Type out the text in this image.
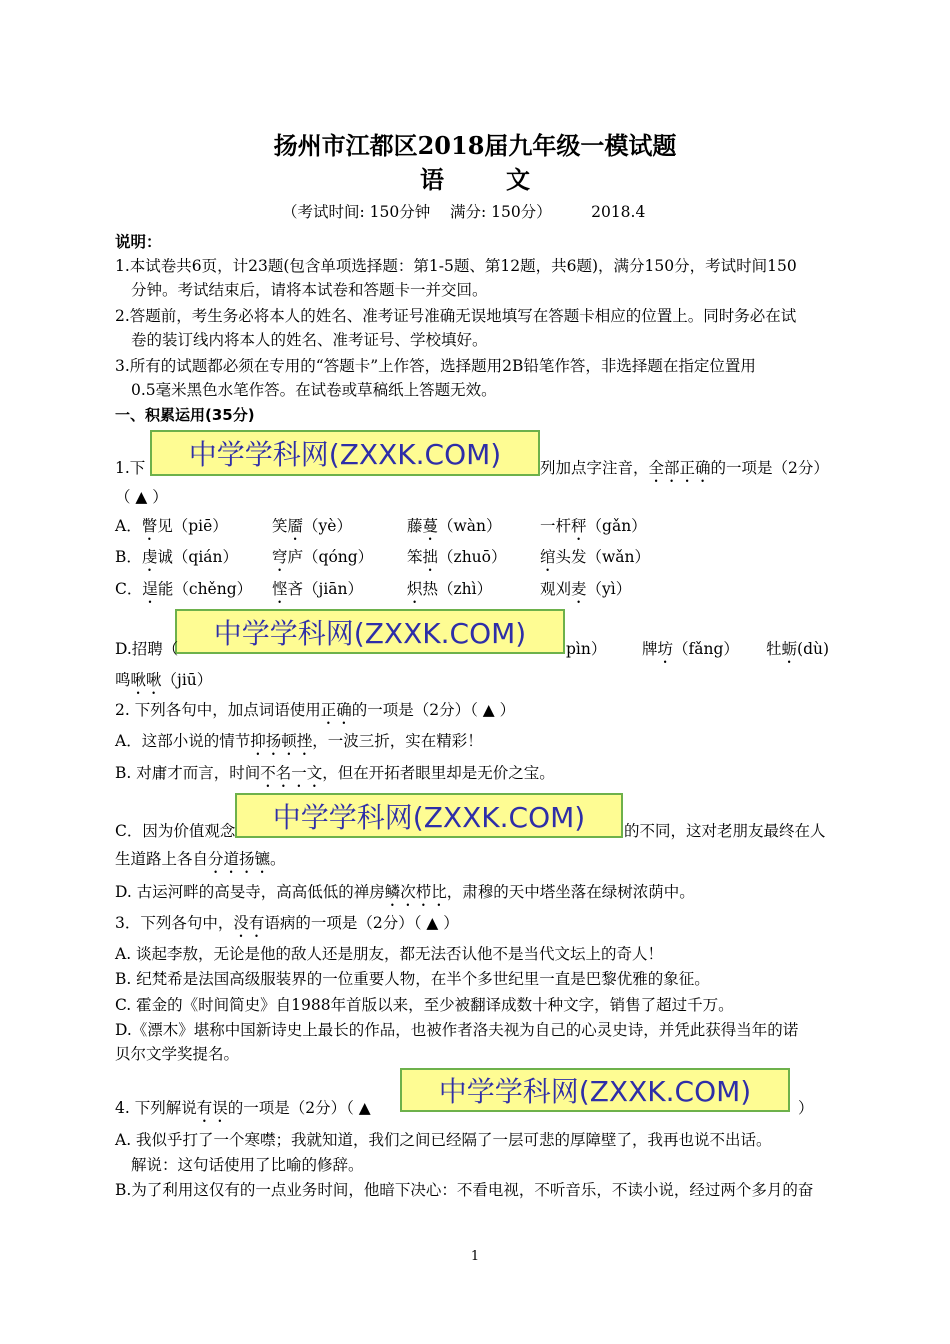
扬州市江都区2018届九年级一模试题
语文
（考试时间: 150分钟    满分: 150分）        2018.4
说明：
1.本试卷共6页，计23题(包含单项选择题：第1-5题、第12题，共6题)，满分150分，考试时间150
分钟。考试结束后，请将本试卷和答题卡一并交回。
2.答题前，考生务必将本人的姓名、准考证号准确无误地填写在答题卡相应的位置上。同时务必在试
卷的装订线内将本人的姓名、准考证号、学校填好。
3.所有的试题都必须在专用的“答题卡”上作答，选择题用2B铅笔作答，非选择题在指定位置用
0.5毫米黑色水笔作答。在试卷或草稿纸上答题无效。
一、积累运用(35分)
中学学科网(ZXXK.COM)
1.下	列加点字注音，全部正确的一项是（2分）
（ ▲ ）
A．瞥见（piē）	笑靥（yè）	藤蔓（wàn） 一杆秤（gǎn）
B．虔诚（qián） 穹庐（qóng） 笨拙（zhuō） 绾头发（wǎn）
C．逞能（chěng） 悭吝（jiān）	炽热（zhì）	观刈麦（yì）
中学学科网(ZXXK.COM)
D.招聘（	pìn） 牌坊（fǎng） 牡蛎(dù)
鸣啾啾（jiū）
2. 下列各句中，加点词语使用正确的一项是（2分）（ ▲ ）
A．这部小说的情节抑扬顿挫，一波三折，实在精彩！
B. 对庸才而言，时间不名一文，但在开拓者眼里却是无价之宝。
中学学科网(ZXXK.COM)
C．因为价值观念	的不同，这对老朋友最终在人
生道路上各自分道扬镳。
D. 古运河畔的高旻寺，高高低低的禅房鳞次栉比，肃穆的天中塔坐落在绿树浓荫中。
3．下列各句中，没有语病的一项是（2分）（ ▲ ）
A. 谈起李敖，无论是他的敌人还是朋友，都无法否认他不是当代文坛上的奇人！
B. 纪梵希是法国高级服装界的一位重要人物，在半个多世纪里一直是巴黎优雅的象征。
C. 霍金的《时间简史》自1988年首版以来，至少被翻译成数十种文字，销售了超过千万。
D.《漂木》堪称中国新诗史上最长的作品，也被作者洛夫视为自己的心灵史诗，并凭此获得当年的诺
贝尔文学奖提名。
中学学科网(ZXXK.COM)
4. 下列解说有误的一项是（2分）（ ▲	）
A. 我似乎打了一个寒噤；我就知道，我们之间已经隔了一层可悲的厚障壁了，我再也说不出话。
解说：这句话使用了比喻的修辞。
B.为了利用这仅有的一点业务时间，他暗下决心：不看电视，不听音乐，不读小说，经过两个多月的奋
1
